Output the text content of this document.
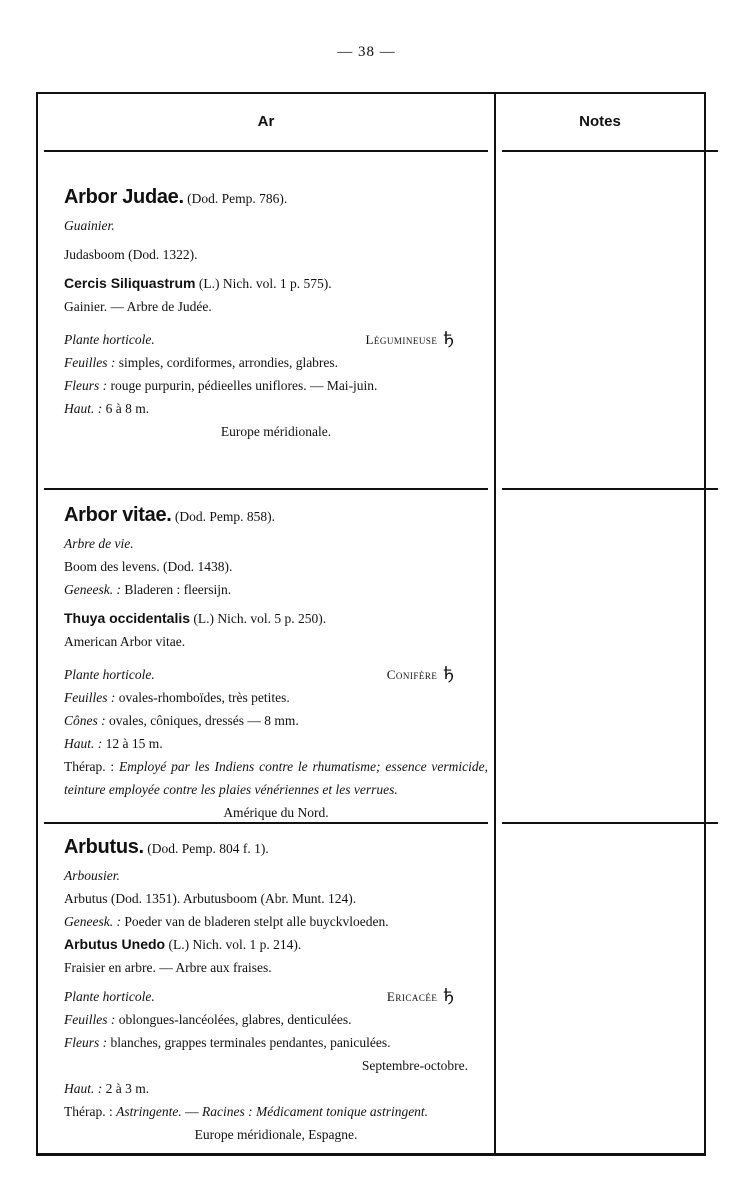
— 38 —
Ar	Notes
Arbor Judae. (Dod. Pemp. 786).
Guainier.
Judasboom (Dod. 1322).
Cercis Siliquastrum (L.) Nich. vol. 1 p. 575).
Gainier. — Arbre de Judée.
Plante horticole.	Légumineuse ђ
Feuilles : simples, cordiformes, arrondies, glabres.
Fleurs : rouge purpurin, pédieelles uniflores. — Mai-juin.
Haut. : 6 à 8 m.
Europe méridionale.
Arbor vitae. (Dod. Pemp. 858).
Arbre de vie.
Boom des levens. (Dod. 1438).
Geneesk. : Bladeren : fleersijn.
Thuya occidentalis (L.) Nich. vol. 5 p. 250).
American Arbor vitae.
Plante horticole.	Conifère ђ
Feuilles : ovales-rhomboïdes, très petites.
Cônes : ovales, côniques, dressés — 8 mm.
Haut. : 12 à 15 m.
Thérap. : Employé par les Indiens contre le rhumatisme; essence vermicide, teinture employée contre les plaies vénériennes et les verrues.
Amérique du Nord.
Arbutus. (Dod. Pemp. 804 f. 1).
Arbousier.
Arbutus (Dod. 1351). Arbutusboom (Abr. Munt. 124).
Geneesk. : Poeder van de bladeren stelpt alle buyckvloeden.
Arbutus Unedo (L.) Nich. vol. 1 p. 214).
Fraisier en arbre. — Arbre aux fraises.
Plante horticole.	Ericacée ђ
Feuilles : oblongues-lancéolées, glabres, denticulées.
Fleurs : blanches, grappes terminales pendantes, paniculées.
Septembre-octobre.
Haut. : 2 à 3 m.
Thérap. : Astringente. — Racines : Médicament tonique astringent.
Europe méridionale, Espagne.
